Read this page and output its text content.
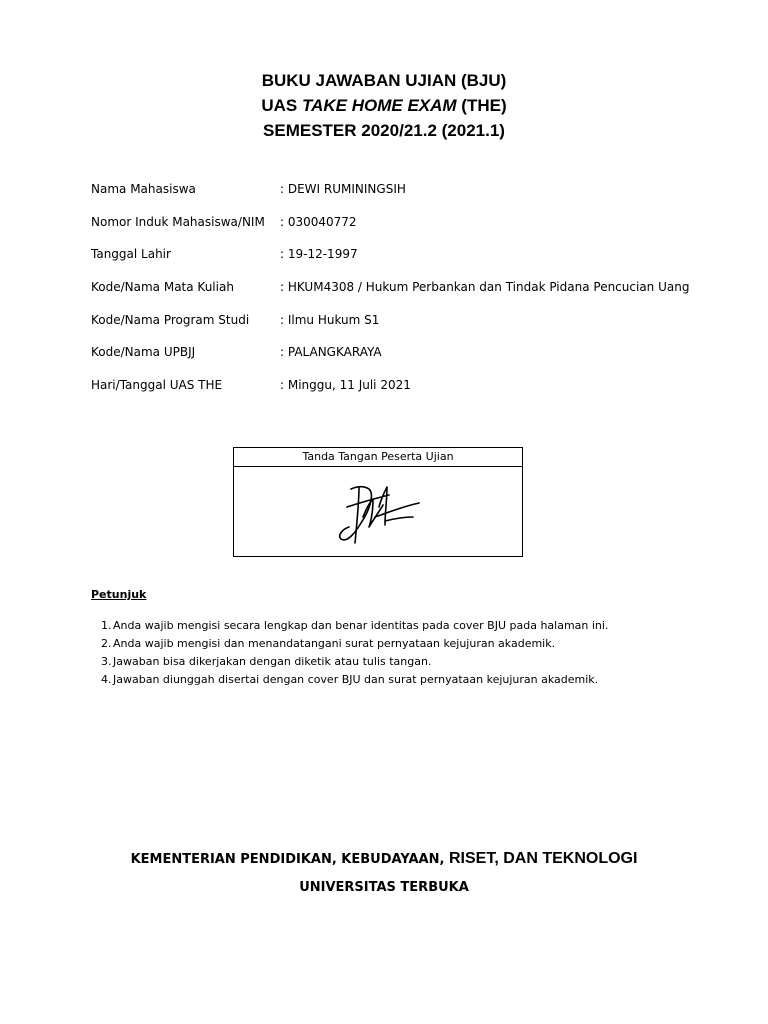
BUKU JAWABAN UJIAN (BJU)
UAS TAKE HOME EXAM (THE)
SEMESTER 2020/21.2 (2021.1)
Nama Mahasiswa	: DEWI RUMININGSIH
Nomor Induk Mahasiswa/NIM : 030040772
Tanggal Lahir	: 19-12-1997
Kode/Nama Mata Kuliah	: HKUM4308 / Hukum Perbankan dan Tindak Pidana Pencucian Uang
Kode/Nama Program Studi	: Ilmu Hukum S1
Kode/Nama UPBJJ	: PALANGKARAYA
Hari/Tanggal UAS THE	: Minggu, 11 Juli 2021
Tanda Tangan Peserta Ujian
Petunjuk
1. Anda wajib mengisi secara lengkap dan benar identitas pada cover BJU pada halaman ini.
2. Anda wajib mengisi dan menandatangani surat pernyataan kejujuran akademik.
3. Jawaban bisa dikerjakan dengan diketik atau tulis tangan.
4. Jawaban diunggah disertai dengan cover BJU dan surat pernyataan kejujuran akademik.
KEMENTERIAN PENDIDIKAN, KEBUDAYAAN, RISET, DAN TEKNOLOGI
UNIVERSITAS TERBUKA
